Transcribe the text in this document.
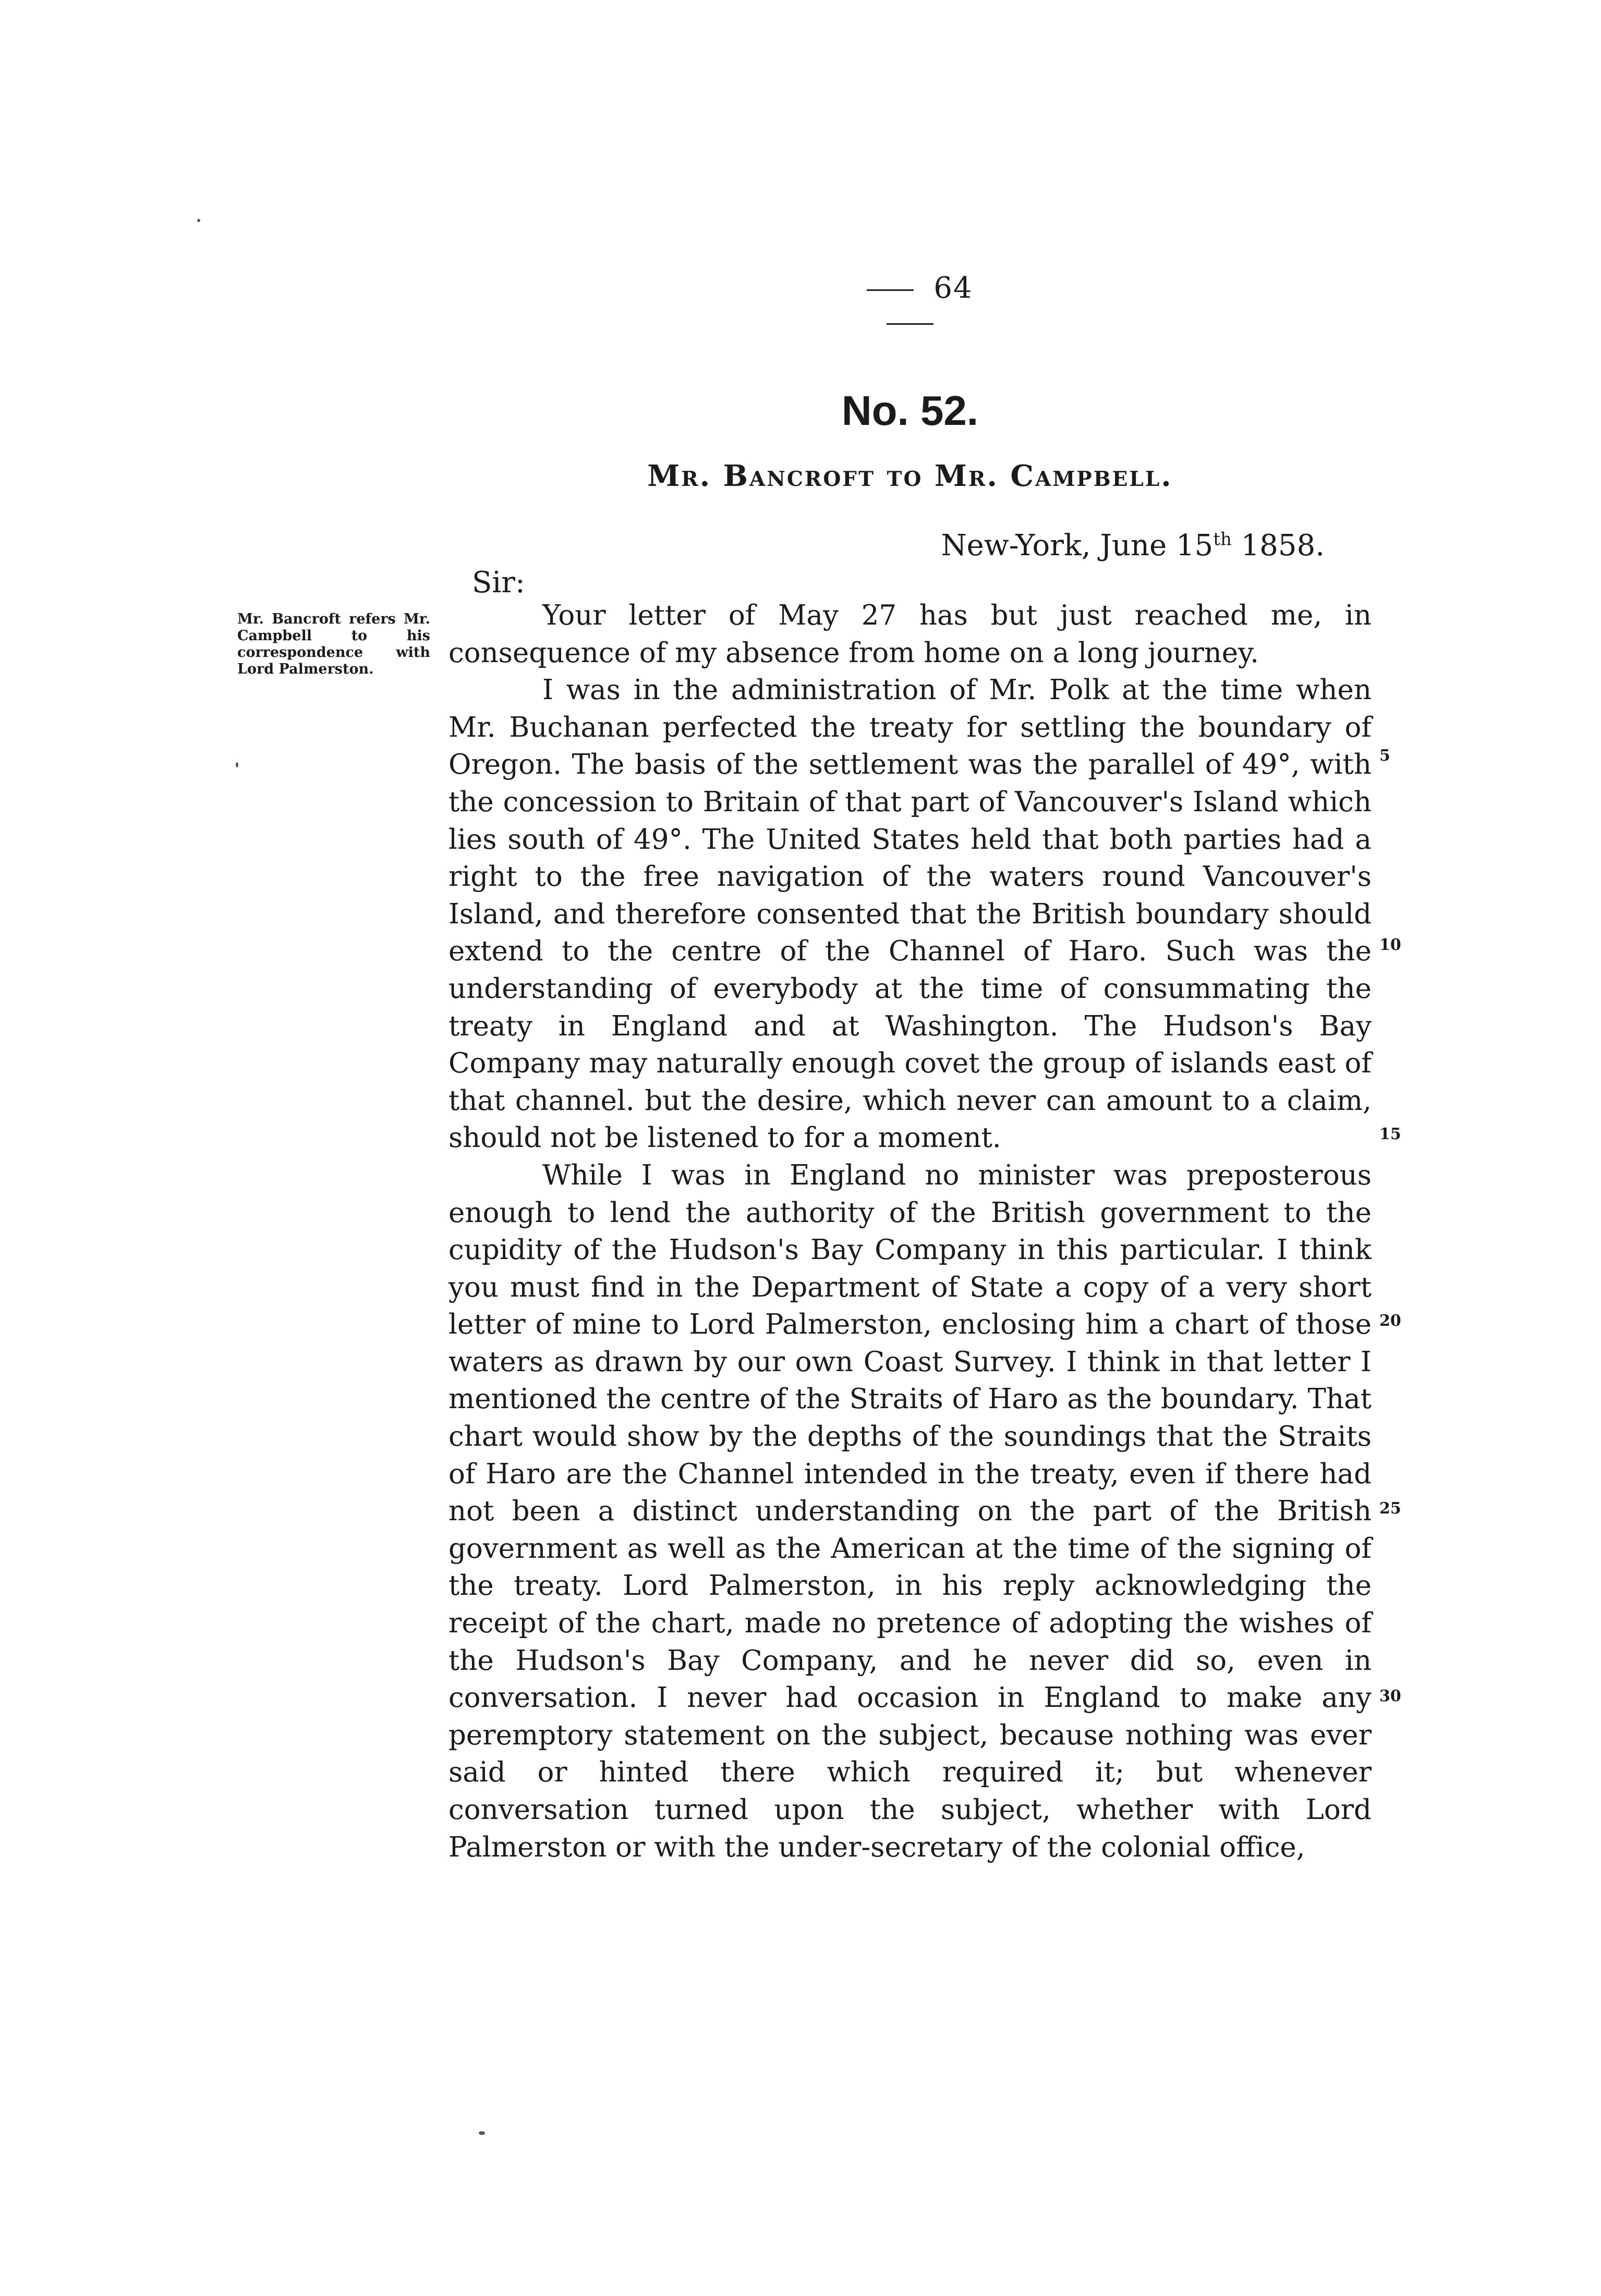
64
No. 52.
Mr. Bancroft to Mr. Campbell.
New-York, June 15th 1858.
Sir:
Mr. Bancroft refers Mr. Campbell to his correspondence with Lord Palmerston.

Your letter of May 27 has but just reached me, in consequence of my absence from home on a long journey.

I was in the administration of Mr. Polk at the time when Mr. Buchanan perfected the treaty for settling the boundary of Oregon. The basis of the settlement was the parallel of 49°, with the concession to Britain of that part of Vancouver's Island which lies south of 49°. The United States held that both parties had a right to the free navigation of the waters round Vancouver's Island, and therefore consented that the British boundary should extend to the centre of the Channel of Haro. Such was the understanding of everybody at the time of consummating the treaty in England and at Washington. The Hudson's Bay Company may naturally enough covet the group of islands east of that channel. but the desire, which never can amount to a claim, should not be listened to for a moment.

While I was in England no minister was preposterous enough to lend the authority of the British government to the cupidity of the Hudson's Bay Company in this particular. I think you must find in the Department of State a copy of a very short letter of mine to Lord Palmerston, enclosing him a chart of those waters as drawn by our own Coast Survey. I think in that letter I mentioned the centre of the Straits of Haro as the boundary. That chart would show by the depths of the soundings that the Straits of Haro are the Channel intended in the treaty, even if there had not been a distinct understanding on the part of the British government as well as the American at the time of the signing of the treaty. Lord Palmerston, in his reply acknowledging the receipt of the chart, made no pretence of adopting the wishes of the Hudson's Bay Company, and he never did so, even in conversation. I never had occasion in England to make any peremptory statement on the subject, because nothing was ever said or hinted there which required it; but whenever conversation turned upon the subject, whether with Lord Palmerston or with the under-secretary of the colonial office,

5
10
15
20
25
30
